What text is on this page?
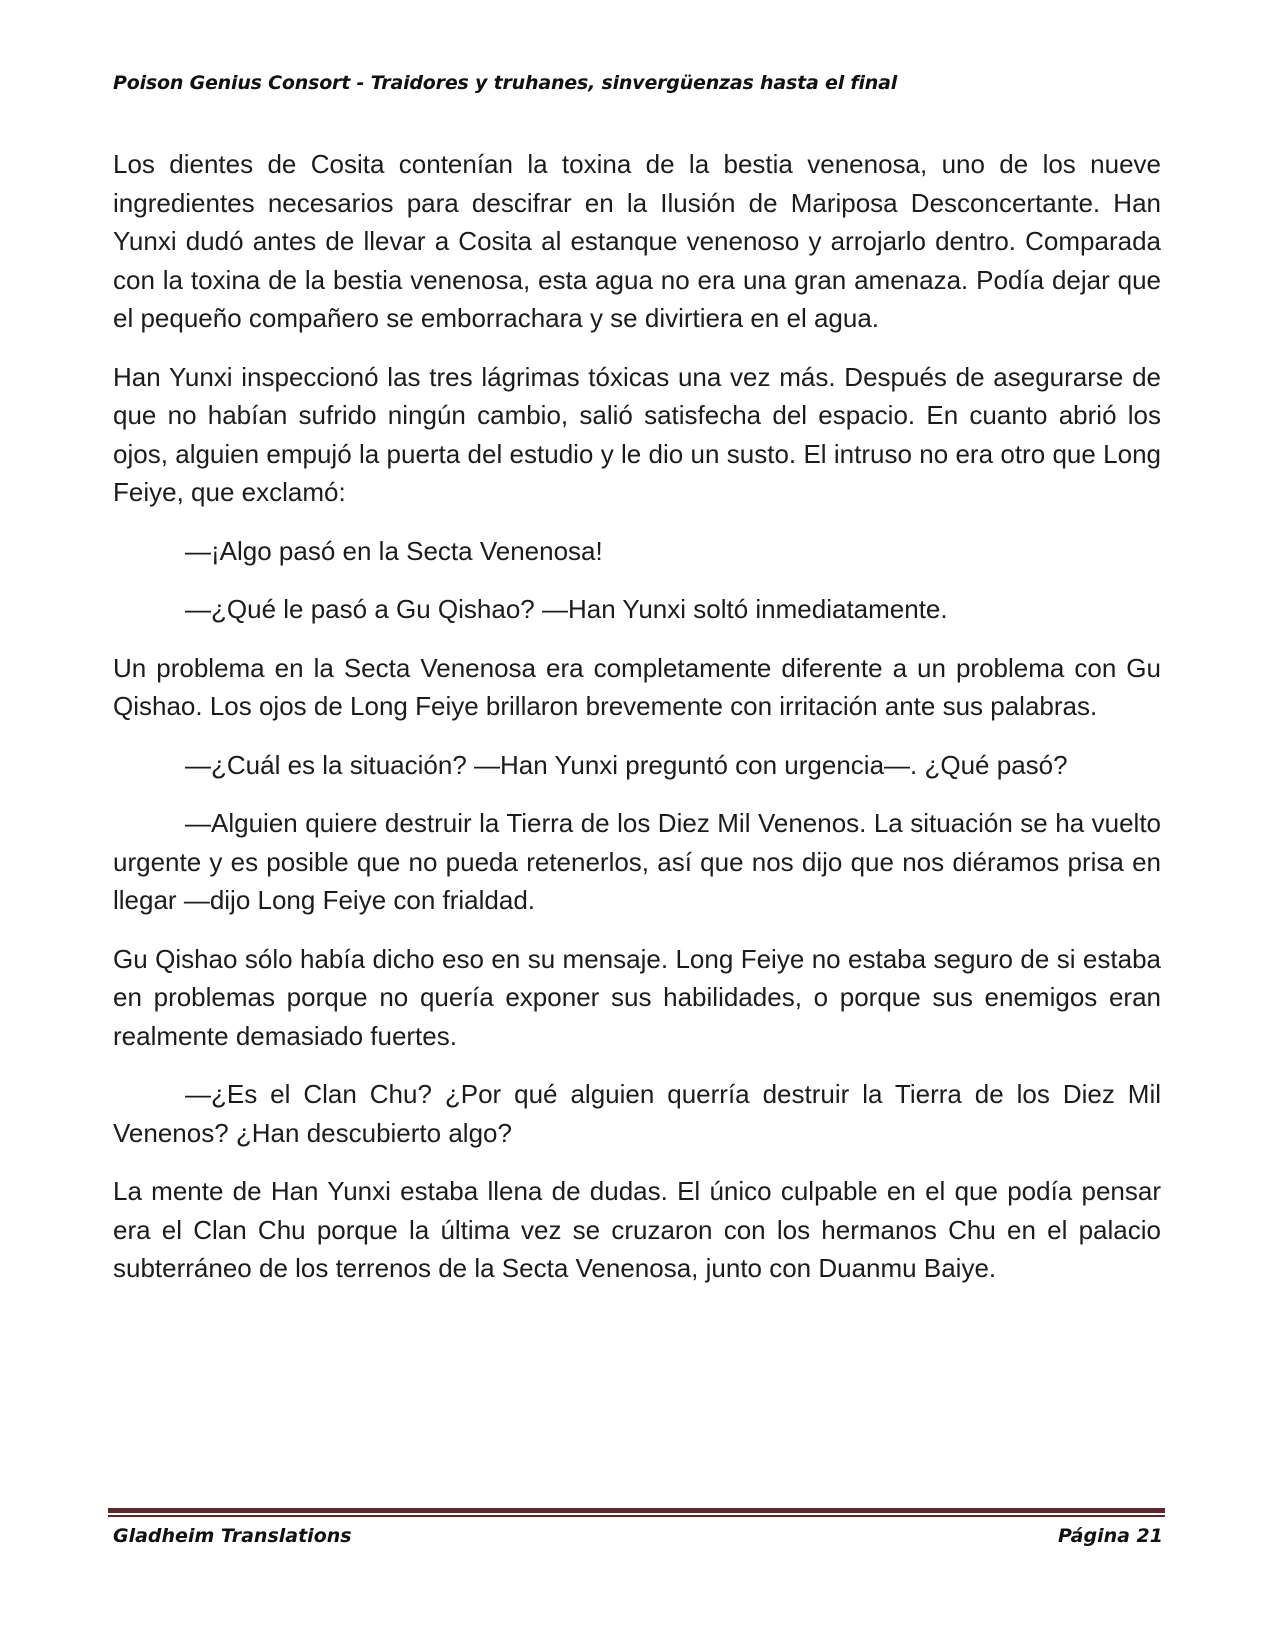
Poison Genius Consort - Traidores y truhanes, sinvergüenzas hasta el final

Los dientes de Cosita contenían la toxina de la bestia venenosa, uno de los nueve ingredientes necesarios para descifrar en la Ilusión de Mariposa Desconcertante. Han Yunxi dudó antes de llevar a Cosita al estanque venenoso y arrojarlo dentro. Comparada con la toxina de la bestia venenosa, esta agua no era una gran amenaza. Podía dejar que el pequeño compañero se emborrachara y se divirtiera en el agua.

Han Yunxi inspeccionó las tres lágrimas tóxicas una vez más. Después de asegurarse de que no habían sufrido ningún cambio, salió satisfecha del espacio. En cuanto abrió los ojos, alguien empujó la puerta del estudio y le dio un susto. El intruso no era otro que Long Feiye, que exclamó:

—¡Algo pasó en la Secta Venenosa!

—¿Qué le pasó a Gu Qishao? —Han Yunxi soltó inmediatamente.

Un problema en la Secta Venenosa era completamente diferente a un problema con Gu Qishao. Los ojos de Long Feiye brillaron brevemente con irritación ante sus palabras.

—¿Cuál es la situación? —Han Yunxi preguntó con urgencia—. ¿Qué pasó?

—Alguien quiere destruir la Tierra de los Diez Mil Venenos. La situación se ha vuelto urgente y es posible que no pueda retenerlos, así que nos dijo que nos diéramos prisa en llegar —dijo Long Feiye con frialdad.

Gu Qishao sólo había dicho eso en su mensaje. Long Feiye no estaba seguro de si estaba en problemas porque no quería exponer sus habilidades, o porque sus enemigos eran realmente demasiado fuertes.

—¿Es el Clan Chu? ¿Por qué alguien querría destruir la Tierra de los Diez Mil Venenos? ¿Han descubierto algo?

La mente de Han Yunxi estaba llena de dudas. El único culpable en el que podía pensar era el Clan Chu porque la última vez se cruzaron con los hermanos Chu en el palacio subterráneo de los terrenos de la Secta Venenosa, junto con Duanmu Baiye.

Gladheim Translations	Página 21
